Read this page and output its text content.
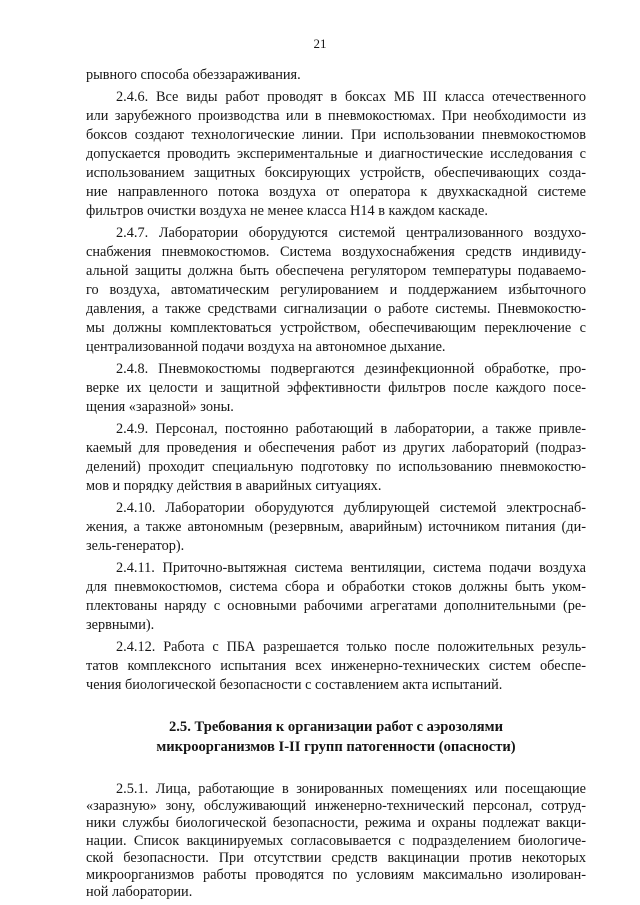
21
рывного способа обеззараживания.
2.4.6. Все виды работ проводят в боксах МБ III класса отечественного
или зарубежного производства или в пневмокостюмах. При необходимости из
боксов создают технологические линии. При использовании пневмокостюмов
допускается проводить экспериментальные и диагностические исследования с
использованием защитных боксирующих устройств, обеспечивающих созда-
ние направленного потока воздуха от оператора к двухкаскадной системе
фильтров очистки воздуха не менее класса Н14 в каждом каскаде.
2.4.7. Лаборатории оборудуются системой централизованного воздухо-
снабжения пневмокостюмов. Система воздухоснабжения средств индивиду-
альной защиты должна быть обеспечена регулятором температуры подаваемо-
го воздуха, автоматическим регулированием и поддержанием избыточного
давления, а также средствами сигнализации о работе системы. Пневмокостю-
мы должны комплектоваться устройством, обеспечивающим переключение с
централизованной подачи воздуха на автономное дыхание.
2.4.8. Пневмокостюмы подвергаются дезинфекционной обработке, про-
верке их целости и защитной эффективности фильтров после каждого посе-
щения «заразной» зоны.
2.4.9. Персонал, постоянно работающий в лаборатории, а также привле-
каемый для проведения и обеспечения работ из других лабораторий (подраз-
делений) проходит специальную подготовку по использованию пневмокостю-
мов и порядку действия в аварийных ситуациях.
2.4.10. Лаборатории оборудуются дублирующей системой электроснаб-
жения, а также автономным (резервным, аварийным) источником питания (ди-
зель-генератор).
2.4.11. Приточно-вытяжная система вентиляции, система подачи воздуха
для пневмокостюмов, система сбора и обработки стоков должны быть уком-
плектованы наряду с основными рабочими агрегатами дополнительными (ре-
зервными).
2.4.12. Работа с ПБА разрешается только после положительных резуль-
татов комплексного испытания всех инженерно-технических систем обеспе-
чения биологической безопасности с составлением акта испытаний.
2.5. Требования к организации работ с аэрозолями
микроорганизмов I-II групп патогенности (опасности)
2.5.1. Лица, работающие в зонированных помещениях или посещающие
«заразную» зону, обслуживающий инженерно-технический персонал, сотруд-
ники службы биологической безопасности, режима и охраны подлежат вакци-
нации. Список вакцинируемых согласовывается с подразделением биологиче-
ской безопасности. При отсутствии средств вакцинации против некоторых
микроорганизмов работы проводятся по условиям максимально изолирован-
ной лаборатории.
